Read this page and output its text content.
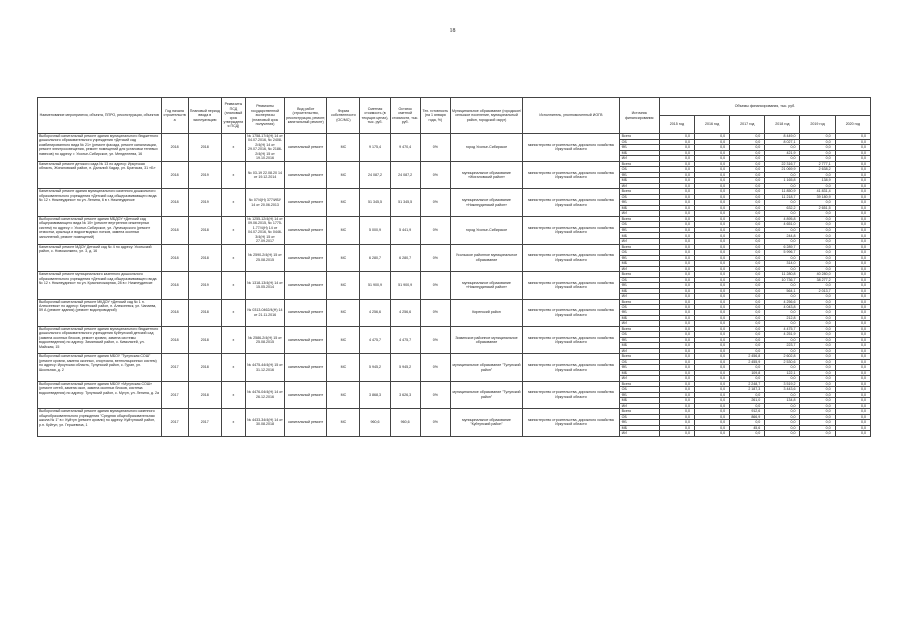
18
Наименование мероприятия, объекта, ППРО, реконструкции, объектов	Год начала строительства	Плановый период ввода в эксплуатацию	Реквизиты ПСД (плановый срок утверждения ПСД)	Реквизиты государственной экспертизы (плановый срок получения)	Вид работ (строительство, реконструкция, ремонт, капитальный ремонт)	Форма собственности (ОС/МС)	Сметная стоимость (в текущих ценах), тыс. руб.	Остаток сметной стоимости, тыс. руб.	Тех. готовность (на 1 января года, %)	Муниципальное образование (городское/сельское поселение, муниципальный район, городской округ)	Исполнитель, уполномоченный ИОГВ	Источник финансирования	Объемы финансирования, тыс. руб.					
													2015 год	2016 год	2017 год	2018 год	2019 год	2020 год
Выборочный капитальный ремонт здания муниципального бюджетного дошкольного образовательного учреждения «Детский сад комбинированного вида № 21» (ремонт фасада, ремонт канализации, ремонт электроосвещения, ремонт помещений для установки теневых навесов) по адресу: г. Усолье-Сибирское, ул. Менделеева, 16	2018	2018	х	№ 1758-17/4(Н) 14 от 04.07.2016, № 2408-2/4(Н) 14 от 29.07.2016, № 2186-2/4(Н) 15 от 19.10.2016	капитальный ремонт	МС	9 175,4	9 470,4	0%	город Усолье-Сибирское	министерство строительства, дорожного хозяйства Иркутской области	Всего	0,0	0,0	0,0	8 449,0	0,0	0,0
												ОБ	0,0	0,0	0,0	8 027,1	0,0	0,0
												ФБ	0,0	0,0	0,0	0,0	0,0	0,0
												МБ	0,0	0,0	0,0	421,9	0,0	0,0
												ИИ	0,0	0,0	0,0	0,0	0,0	0,0
Капитальный ремонт детского сада № 13 по адресу: Иркутская область, Жигаловский район, п. Дальний Хадар, ул. Братская, 31 «Б»	2018	2019	х	№ 03-19 22.08.20 14 от 19.12.2014	капитальный ремонт	МС	24 087,2	24 087,2	0%	муниципальное образование «Жигаловский район»	министерство строительства, дорожного хозяйства Иркутской области	Всего	0,0	0,0	0,0	22 316,7	2 777,1	0,0
												ОБ	0,0	0,0	0,0	21 069,9	2 638,2	0,0
												ФБ	0,0	0,0	0,0	0,0	0,0	0,0
												МБ	0,0	0,0	0,0	1 165,8	138,9	0,0
												ИИ	0,0	0,0	0,0	0,0	0,0	0,0
Капитальный ремонт здания муниципального казенного дошкольного образовательного учреждения «Детский сад общеразвивающего вида № 12 г. Нижнеудинск» по ул. Ленина, 6 в г. Нижнеудинске	2018	2019	х	№ 07/4(Н) 377/ИБУ 14 от 20.06.2013	капитальный ремонт	МС	51 345,5	51 345,5	0%	муниципальное образование «Нижнеудинский район»	министерство строительства, дорожного хозяйства Иркутской области	Всего	0,0	0,0	0,0	11 850,9	41 831,4	0,0
												ОБ	0,0	0,0	0,0	11 218,7	39 180,9	0,0
												ФБ	0,0	0,0	0,0	0,0	0,0	0,0
												МБ	0,0	0,0	0,0	632,2	2 651,5	0,0
												ИИ	0,0	0,0	0,0	0,0	0,0	0,0
Выборочный капитальный ремонт здания МБДОУ «Детский сад общеразвивающего вида № 10» (ремонт внутренних инженерных систем) по адресу: г. Усолье-Сибирское, ул. Луначарского (ремонт отмостки, крыльца и водоотводных лотков, замена оконных заполнений, ремонт помещений)	2018	2018	х	№ 1255-12/4(Н) 14 от 09.06.2015, № 1775-1.77/4(Н) 14 от 04.07.2016, № 0446-3/4(Н) 15 от 27.09.2017	капитальный ремонт	МС	5 000,9	5 441,9	0%	город Усолье-Сибирское	министерство строительства, дорожного хозяйства Иркутской области	Всего	0,0	0,0	0,0	4 895,8	0,0	0,0
												ОБ	0,0	0,0	0,0	4 651,0	0,0	0,0
												ФБ	0,0	0,0	0,0	0,0	0,0	0,0
												МБ	0,0	0,0	0,0	244,8	0,0	0,0
												ИИ	0,0	0,0	0,0	0,0	0,0	0,0
Капитальный ремонт МДОУ Детский сад № 4 по адресу: Усольский район, с. Новожилкино, ул. 3, д. 16	2018	2018	х	№ 2590-2/4(Н) 15 от 25.08.2015	капитальный ремонт	МС	6 280,7	6 280,7	0%	Усольское районное муниципальное образование	министерство строительства, дорожного хозяйства Иркутской области	Всего	0,0	0,0	0,0	6 289,7	0,0	0,0
												ОБ	0,0	0,0	0,0	5 996,7	0,0	0,0
												ФБ	0,0	0,0	0,0	0,0	0,0	0,0
												МБ	0,0	0,0	0,0	314,0	0,0	0,0
												ИИ	0,0	0,0	0,0	0,0	0,0	0,0
Капитальный ремонт муниципального казенного дошкольного образовательного учреждения «Детский сад общеразвивающего вида № 12 г. Нижнеудинск» по ул. Краснопожарная, 28 в г. Нижнеудинске	2018	2019	х	№ 1318-13/4(Н) 14 от 15.05.2014	капитальный ремонт	МС	51 900,9	51 900,9	0%	муниципальное образование «Нижнеудинский район»	министерство строительства, дорожного хозяйства Иркутской области	Всего	0,0	0,0	0,0	11 280,8	40 280,0	0,0
												ОБ	0,0	0,0	0,0	10 736,7	38 277,2	0,0
												ФБ	0,0	0,0	0,0	0,0	0,0	0,0
												МБ	0,0	0,0	0,0	564,1	2 013,7	0,0
												ИИ	0,0	0,0	0,0	0,0	0,0	0,0
Выборочный капитальный ремонт МКДОУ «Детский сад № 1 п. Алексеевск» по адресу: Киренский район, п. Алексеевск, ул. Чапаева, 59 А (ремонт здания) (ремонт водопроводной)	2018	2018	х	№ 0313-0462/4(Н) 14 от 21.11.2016	капитальный ремонт	МС	4 256,6	4 256,6	0%	Киренский район	министерство строительства, дорожного хозяйства Иркутской области	Всего	0,0	0,0	0,0	4 256,6	0,0	0,0
												ОБ	0,0	0,0	0,0	4 043,8	0,0	0,0
												ФБ	0,0	0,0	0,0	0,0	0,0	0,0
												МБ	0,0	0,0	0,0	212,8	0,0	0,0
												ИИ	0,0	0,0	0,0	0,0	0,0	0,0
Выборочный капитальный ремонт здания муниципального бюджетного дошкольного образовательного учреждения Куйтунский детский сад (замена оконных блоков, ремонт кровли, замена системы водоотведения) по адресу: Зиминский район, с. Кимильтей, ул. Майская, 15	2018	2018	х	№ 2586-2/4(Н) 15 от 25.08.2015	капитальный ремонт	МС	4 475,7	4 475,7	0%	Зиминское районное муниципальное образование	министерство строительства, дорожного хозяйства Иркутской области	Всего	0,0	0,0	0,0	4 475,7	0,0	0,0
												ОБ	0,0	0,0	0,0	4 251,9	0,0	0,0
												ФБ	0,0	0,0	0,0	0,0	0,0	0,0
												МБ	0,0	0,0	0,0	223,7	0,0	0,0
												ИИ	0,0	0,0	0,0	0,0	0,0	0,0
Выборочный капитальный ремонт здания МБОУ "Тулунская СОШ" (ремонт кровли, замена оконных, спортзала, вентиляционных систем) по адресу: Иркутская область, Тулунский район, с. Гуран, ул. Школьная, д. 2	2017	2018	х	№ 4475-44/4(Н) 15 от 31.12.2016	капитальный ремонт	МС	5 945,2	5 945,2	0%	муниципальное образование "Тулунский район"	министерство строительства, дорожного хозяйства Иркутской области	Всего	0,0	0,0	2 456,8	2 602,8	0,0	0,0
												ОБ	0,0	0,0	2 455,9	2 530,6	0,0	0,0
												ФБ	0,0	0,0	0,0	0,0	0,0	0,0
												МБ	0,0	0,0	109,8	122,1	0,0	0,0
												ИИ	0,0	0,0	0,0	0,0	0,0	0,0
Выборочный капитальный ремонт здания МБОУ «Мугунская СОШ» (ремонт сетей, замена окон, замена оконных блоков, система водоотведения) по адресу: Тулунский район, с. Мугун, ул. Ленина, д. 2а	2017	2018	х	№ 4476-04/4(Н) 14 от 26.12.2016	капитальный ремонт	МС	3 868,3	3 626,3	0%	муниципальное образование "Тулунский район"	министерство строительства, дорожного хозяйства Иркутской области	Всего	0,0	0,0	2 248,7	3 519,2	0,0	0,0
												ОБ	0,0	0,0	2 187,3	3 443,6	0,0	0,0
												ФБ	0,0	0,0	0,0	0,0	0,0	0,0
												МБ	0,0	0,0	261,0	134,8	0,0	0,0
												ИИ	0,0	0,0	0,0	0,0	0,0	0,0
Выборочный капитальный ремонт здания муниципального казенного общеобразовательного учреждения "Средняя общеобразовательная школа № 1" в г. Куйтун (ремонт кровли) по адресу: Куйтунский район, р.п. Куйтун, ул. Гершевича, 1	2017	2017	х	№ 4433-34/4(Н) 14 от 30.08.2018	капитальный ремонт	МС	960,6	960,6	0%	муниципальное образование "Куйтунский район"	министерство строительства, дорожного хозяйства Иркутской области	Всего	0,0	0,0	912,6	0,0	0,0	0,0
												ОБ	0,0	0,0	866,9	0,0	0,0	0,0
												ФБ	0,0	0,0	0,0	0,0	0,0	0,0
												МБ	0,0	0,0	45,6	0,0	0,0	0,0
												ИИ	0,0	0,0	0,0	0,0	0,0	0,0
